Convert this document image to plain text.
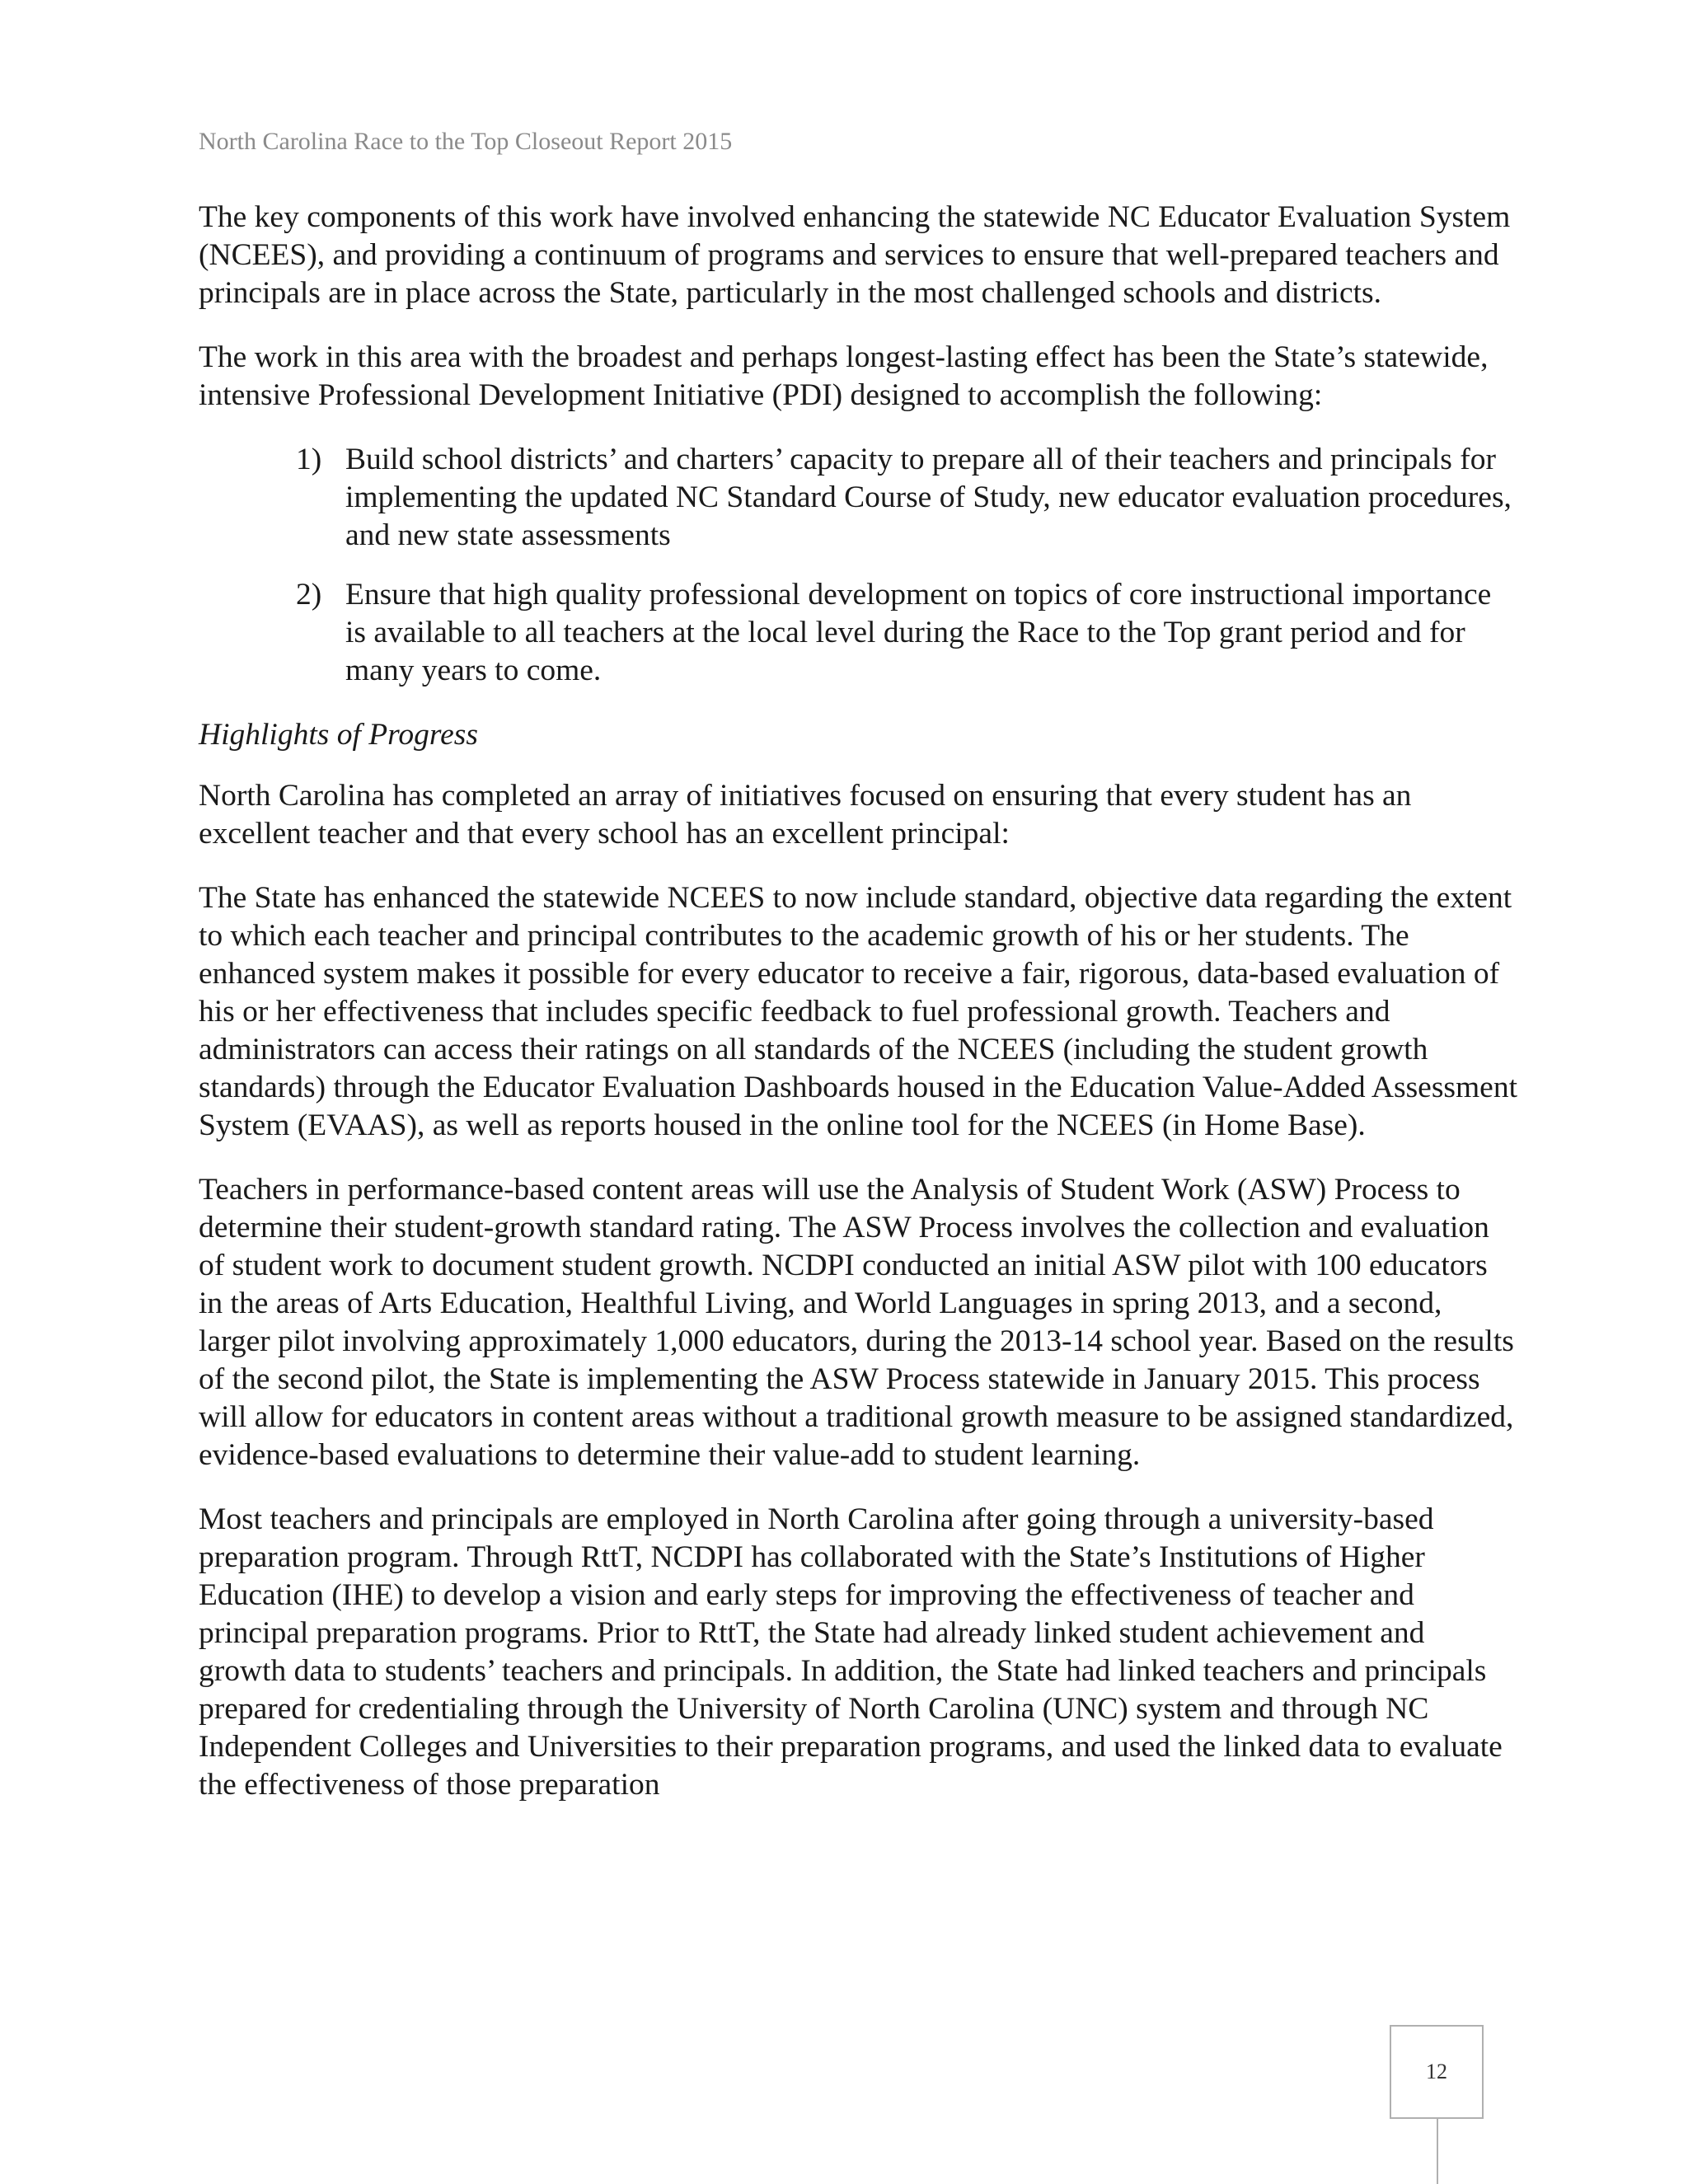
North Carolina Race to the Top Closeout Report 2015

The key components of this work have involved enhancing the statewide NC Educator Evaluation System (NCEES), and providing a continuum of programs and services to ensure that well-prepared teachers and principals are in place across the State, particularly in the most challenged schools and districts.

The work in this area with the broadest and perhaps longest-lasting effect has been the State’s statewide, intensive Professional Development Initiative (PDI) designed to accomplish the following:

1) Build school districts’ and charters’ capacity to prepare all of their teachers and principals for implementing the updated NC Standard Course of Study, new educator evaluation procedures, and new state assessments
2) Ensure that high quality professional development on topics of core instructional importance is available to all teachers at the local level during the Race to the Top grant period and for many years to come.
Highlights of Progress

North Carolina has completed an array of initiatives focused on ensuring that every student has an excellent teacher and that every school has an excellent principal:

The State has enhanced the statewide NCEES to now include standard, objective data regarding the extent to which each teacher and principal contributes to the academic growth of his or her students. The enhanced system makes it possible for every educator to receive a fair, rigorous, data-based evaluation of his or her effectiveness that includes specific feedback to fuel professional growth. Teachers and administrators can access their ratings on all standards of the NCEES (including the student growth standards) through the Educator Evaluation Dashboards housed in the Education Value-Added Assessment System (EVAAS), as well as reports housed in the online tool for the NCEES (in Home Base).

Teachers in performance-based content areas will use the Analysis of Student Work (ASW) Process to determine their student-growth standard rating. The ASW Process involves the collection and evaluation of student work to document student growth. NCDPI conducted an initial ASW pilot with 100 educators in the areas of Arts Education, Healthful Living, and World Languages in spring 2013, and a second, larger pilot involving approximately 1,000 educators, during the 2013-14 school year. Based on the results of the second pilot, the State is implementing the ASW Process statewide in January 2015. This process will allow for educators in content areas without a traditional growth measure to be assigned standardized, evidence-based evaluations to determine their value-add to student learning.

Most teachers and principals are employed in North Carolina after going through a university-based preparation program. Through RttT, NCDPI has collaborated with the State’s Institutions of Higher Education (IHE) to develop a vision and early steps for improving the effectiveness of teacher and principal preparation programs. Prior to RttT, the State had already linked student achievement and growth data to students’ teachers and principals. In addition, the State had linked teachers and principals prepared for credentialing through the University of North Carolina (UNC) system and through NC Independent Colleges and Universities to their preparation programs, and used the linked data to evaluate the effectiveness of those preparation

12
